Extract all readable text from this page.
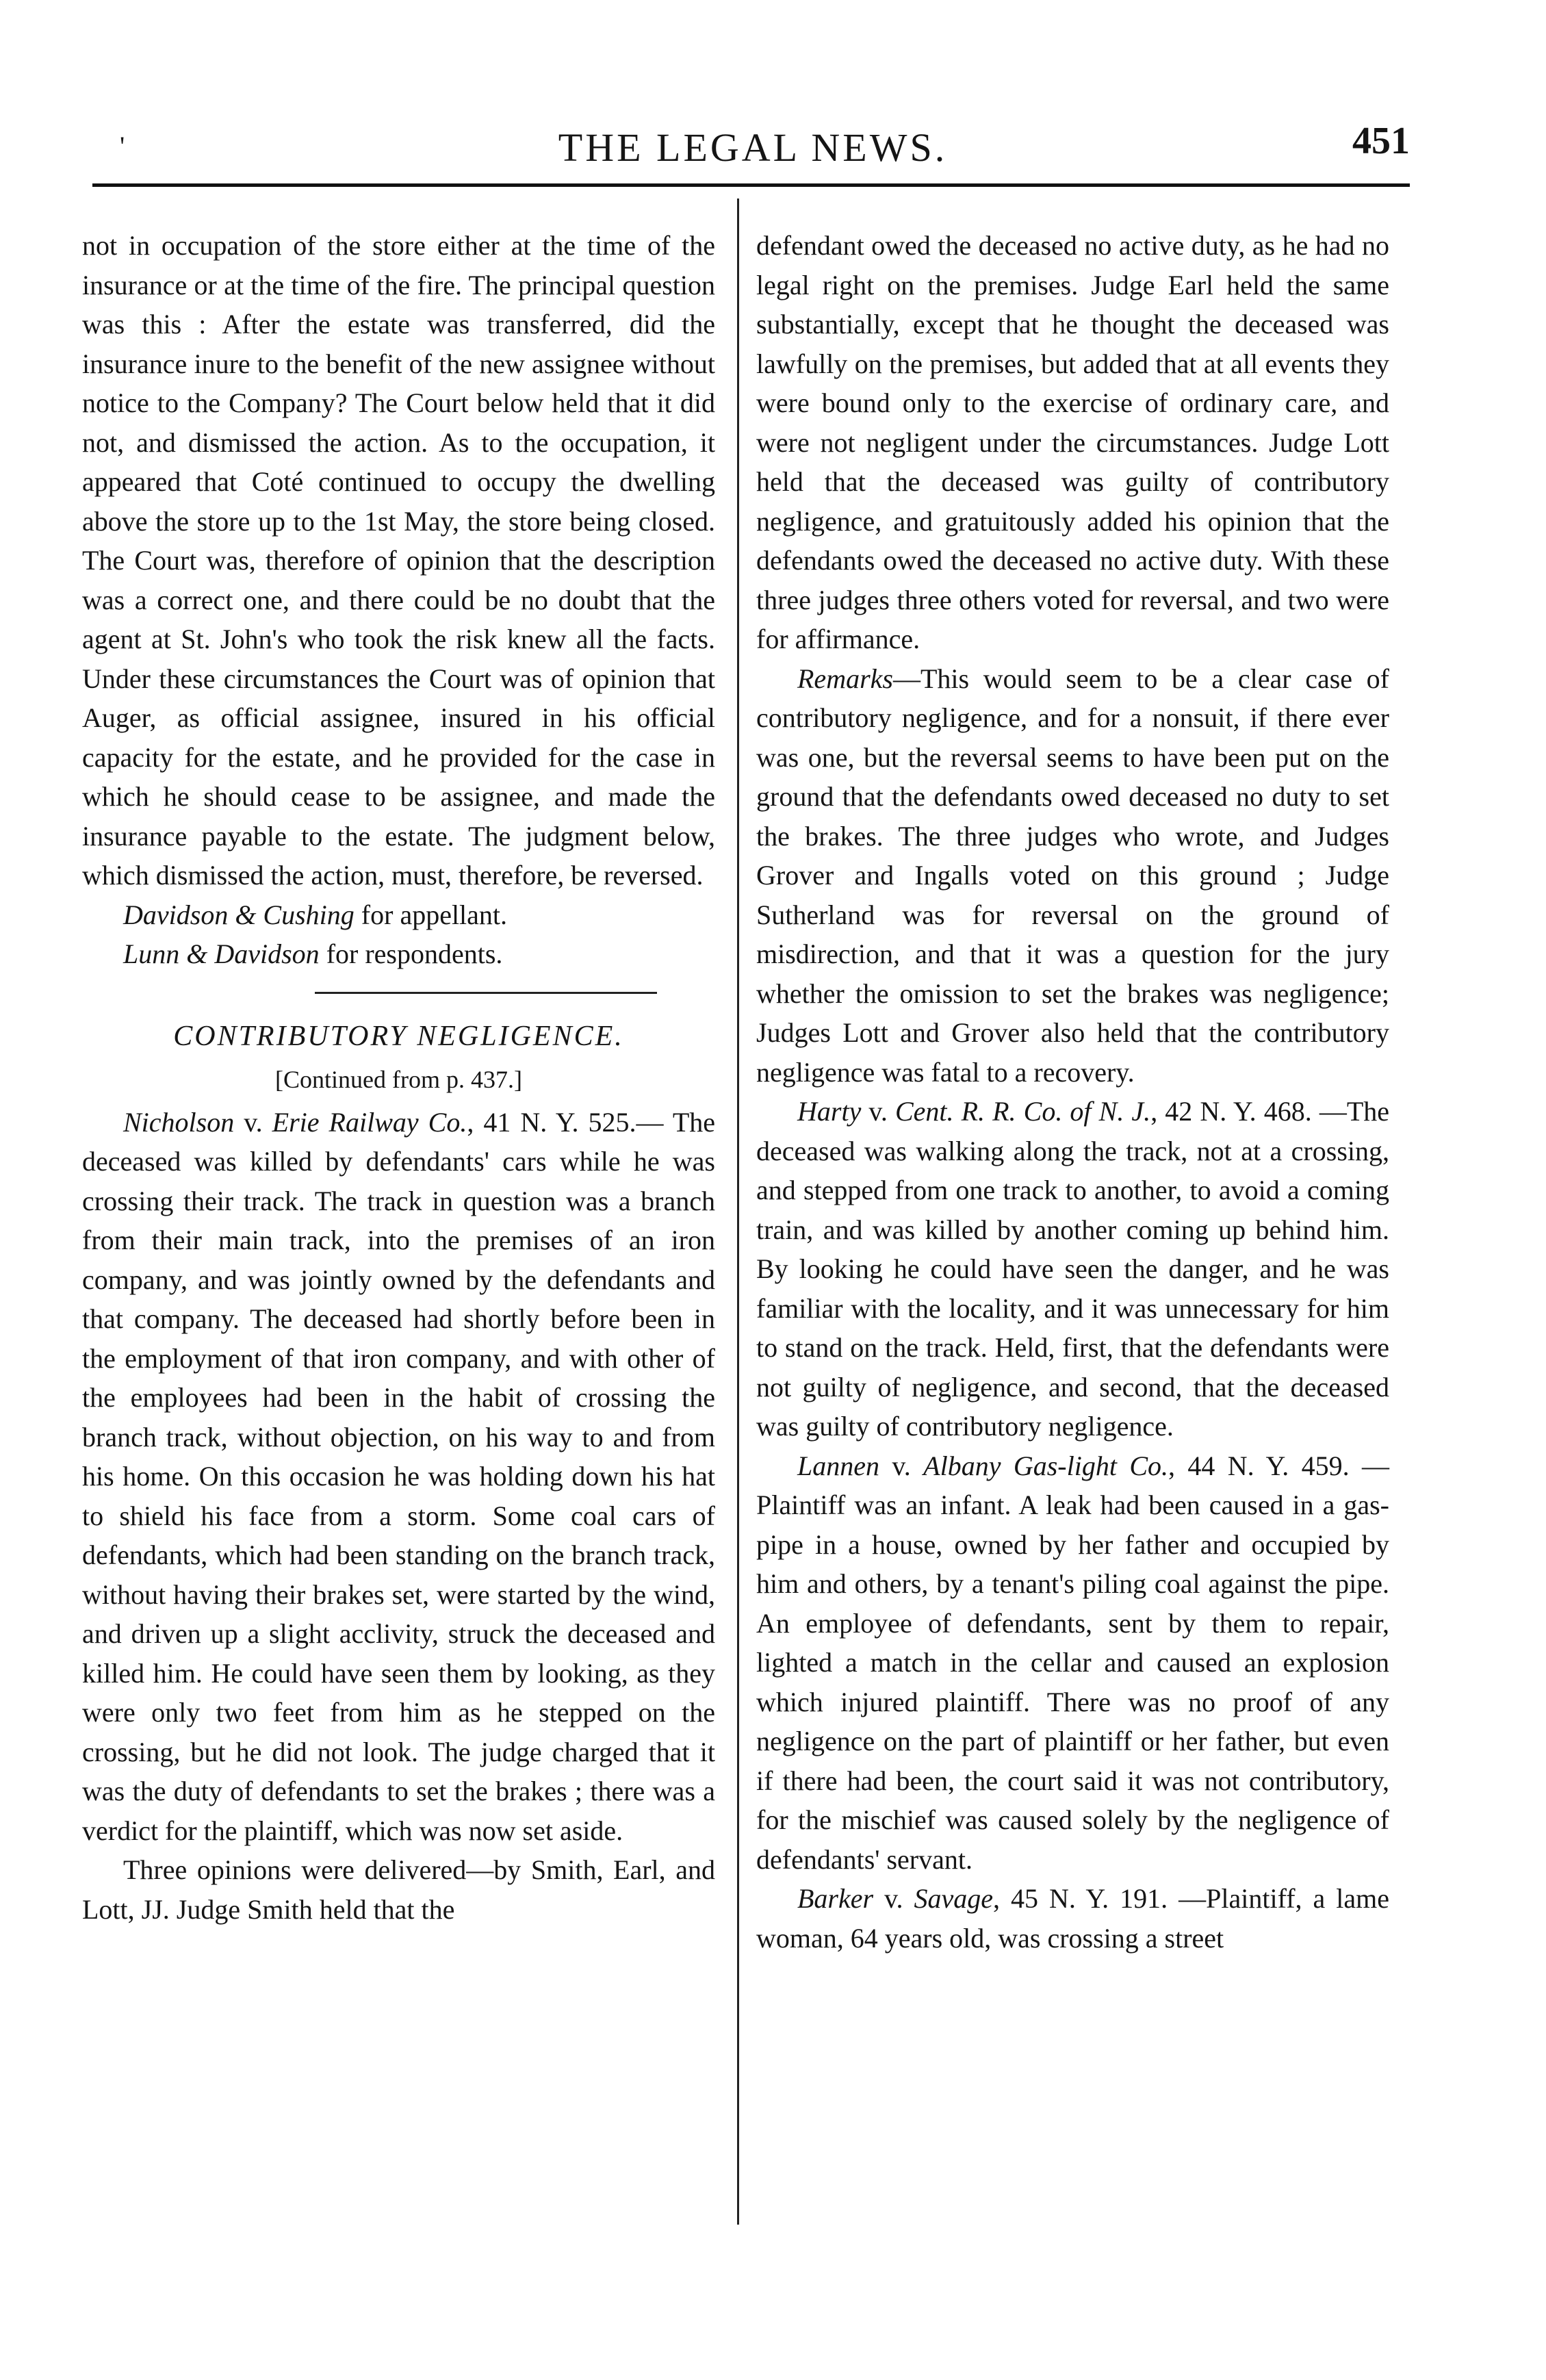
'	THE LEGAL NEWS.	451

not in occupation of the store either at the time of the insurance or at the time of the fire. The principal question was this : After the estate was transferred, did the insurance inure to the benefit of the new assignee without notice to the Company? The Court below held that it did not, and dismissed the action. As to the occupation, it appeared that Coté continued to occupy the dwelling above the store up to the 1st May, the store being closed. The Court was, therefore of opinion that the description was a correct one, and there could be no doubt that the agent at St. John's who took the risk knew all the facts. Under these circumstances the Court was of opinion that Auger, as official assignee, insured in his official capacity for the estate, and he provided for the case in which he should cease to be assignee, and made the insurance payable to the estate. The judgment below, which dismissed the action, must, therefore, be reversed.

Davidson & Cushing for appellant.

Lunn & Davidson for respondents.

CONTRIBUTORY NEGLIGENCE.

[Continued from p. 437.]

Nicholson v. Erie Railway Co., 41 N. Y. 525.— The deceased was killed by defendants' cars while he was crossing their track. The track in question was a branch from their main track, into the premises of an iron company, and was jointly owned by the defendants and that company. The deceased had shortly before been in the employment of that iron company, and with other of the employees had been in the habit of crossing the branch track, without objection, on his way to and from his home. On this occasion he was holding down his hat to shield his face from a storm. Some coal cars of defendants, which had been standing on the branch track, without having their brakes set, were started by the wind, and driven up a slight acclivity, struck the deceased and killed him. He could have seen them by looking, as they were only two feet from him as he stepped on the crossing, but he did not look. The judge charged that it was the duty of defendants to set the brakes ; there was a verdict for the plaintiff, which was now set aside.

Three opinions were delivered—by Smith, Earl, and Lott, JJ. Judge Smith held that the

defendant owed the deceased no active duty, as he had no legal right on the premises. Judge Earl held the same substantially, except that he thought the deceased was lawfully on the premises, but added that at all events they were bound only to the exercise of ordinary care, and were not negligent under the circumstances. Judge Lott held that the deceased was guilty of contributory negligence, and gratuitously added his opinion that the defendants owed the deceased no active duty. With these three judges three others voted for reversal, and two were for affirmance.

Remarks—This would seem to be a clear case of contributory negligence, and for a nonsuit, if there ever was one, but the reversal seems to have been put on the ground that the defendants owed deceased no duty to set the brakes. The three judges who wrote, and Judges Grover and Ingalls voted on this ground ; Judge Sutherland was for reversal on the ground of misdirection, and that it was a question for the jury whether the omission to set the brakes was negligence; Judges Lott and Grover also held that the contributory negligence was fatal to a recovery.

Harty v. Cent. R. R. Co. of N. J., 42 N. Y. 468. —The deceased was walking along the track, not at a crossing, and stepped from one track to another, to avoid a coming train, and was killed by another coming up behind him. By looking he could have seen the danger, and he was familiar with the locality, and it was unnecessary for him to stand on the track. Held, first, that the defendants were not guilty of negligence, and second, that the deceased was guilty of contributory negligence.

Lannen v. Albany Gas-light Co., 44 N. Y. 459. —Plaintiff was an infant. A leak had been caused in a gas-pipe in a house, owned by her father and occupied by him and others, by a tenant's piling coal against the pipe. An employee of defendants, sent by them to repair, lighted a match in the cellar and caused an explosion which injured plaintiff. There was no proof of any negligence on the part of plaintiff or her father, but even if there had been, the court said it was not contributory, for the mischief was caused solely by the negligence of defendants' servant.

Barker v. Savage, 45 N. Y. 191. —Plaintiff, a lame woman, 64 years old, was crossing a street
